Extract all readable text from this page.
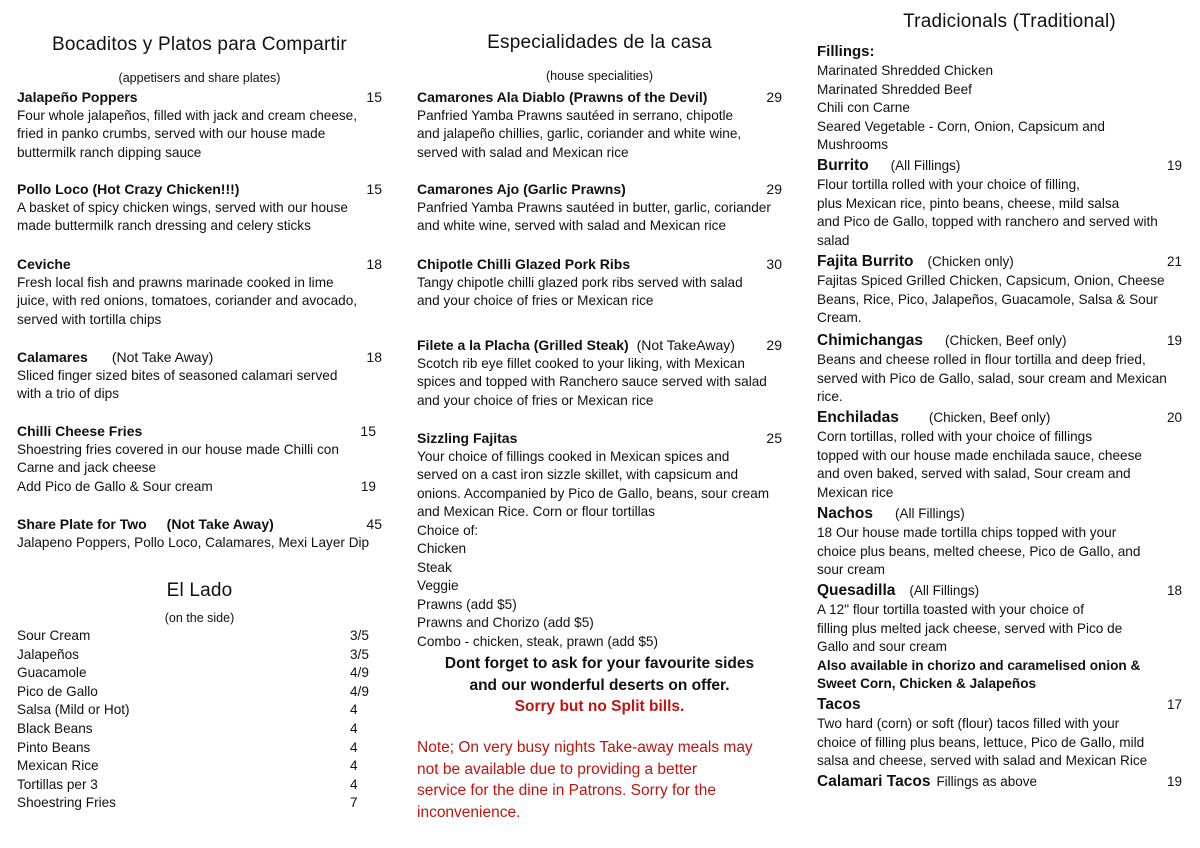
Bocaditos y Platos para Compartir
(appetisers and share plates)
Jalapeño Poppers	15
Four whole jalapeños, filled with jack and cream cheese,
fried in panko crumbs, served with our house made
buttermilk ranch dipping sauce
Pollo Loco (Hot Crazy Chicken!!!)	15
A basket of spicy chicken wings, served with our house
made buttermilk ranch dressing and celery sticks
Ceviche	18
Fresh local fish and prawns marinade cooked in lime
juice, with red onions, tomatoes, coriander and avocado,
served with tortilla chips
Calamares (Not Take Away)	18
Sliced finger sized bites of seasoned calamari served
with a trio of dips
Chilli Cheese Fries	15
Shoestring fries covered in our house made Chilli con
Carne and jack cheese
Add Pico de Gallo & Sour cream	19
Share Plate for Two (Not Take Away)	45
Jalapeno Poppers, Pollo Loco, Calamares, Mexi Layer Dip
El Lado
(on the side)
Sour Cream	3/5
Jalapeños	3/5
Guacamole	4/9
Pico de Gallo	4/9
Salsa (Mild or Hot)	4
Black Beans	4
Pinto Beans	4
Mexican Rice	4
Tortillas per 3	4
Shoestring Fries	7
Especialidades de la casa
(house specialities)
Camarones Ala Diablo (Prawns of the Devil)	29
Panfried Yamba Prawns sautéed in serrano, chipotle
and jalapeño chillies, garlic, coriander and white wine,
served with salad and Mexican rice
Camarones Ajo (Garlic Prawns)	29
Panfried Yamba Prawns sautéed in butter, garlic, coriander
and white wine, served with salad and Mexican rice
Chipotle Chilli Glazed Pork Ribs	30
Tangy chipotle chilli glazed pork ribs served with salad
and your choice of fries or Mexican rice
Filete a la Placha (Grilled Steak) (Not TakeAway)	29
Scotch rib eye fillet cooked to your liking, with Mexican
spices and topped with Ranchero sauce served with salad
and your choice of fries or Mexican rice
Sizzling Fajitas	25
Your choice of fillings cooked in Mexican spices and
served on a cast iron sizzle skillet, with capsicum and
onions. Accompanied by Pico de Gallo, beans, sour cream
and Mexican Rice. Corn or flour tortillas
Choice of:
Chicken
Steak
Veggie
Prawns (add $5)
Prawns and Chorizo (add $5)
Combo - chicken, steak, prawn (add $5)
Dont forget to ask for your favourite sides
and our wonderful deserts on offer.
Sorry but no Split bills.
Note; On very busy nights Take-away meals may
not be available due to providing a better
service for the dine in Patrons. Sorry for the
inconvenience.
Tradicionals (Traditional)
Fillings:
Marinated Shredded Chicken
Marinated Shredded Beef
Chili con Carne
Seared Vegetable - Corn, Onion, Capsicum and
Mushrooms
Burrito (All Fillings)	19
Flour tortilla rolled with your choice of filling,
plus Mexican rice, pinto beans, cheese, mild salsa
and Pico de Gallo, topped with ranchero and served with
salad
Fajita Burrito (Chicken only)	21
Fajitas Spiced Grilled Chicken, Capsicum, Onion, Cheese
Beans, Rice, Pico, Jalapeños, Guacamole, Salsa & Sour
Cream.
Chimichangas (Chicken, Beef only)	19
Beans and cheese rolled in flour tortilla and deep fried,
served with Pico de Gallo, salad, sour cream and Mexican
rice.
Enchiladas (Chicken, Beef only)	20
Corn tortillas, rolled with your choice of fillings
topped with our house made enchilada sauce, cheese
and oven baked, served with salad, Sour cream and
Mexican rice
Nachos (All Fillings)
18 Our house made tortilla chips topped with your
choice plus beans, melted cheese, Pico de Gallo, and
sour cream
Quesadilla (All Fillings)	18
A 12" flour tortilla toasted with your choice of
filling plus melted jack cheese, served with Pico de
Gallo and sour cream
Also available in chorizo and caramelised onion &
Sweet Corn, Chicken & Jalapeños
Tacos	17
Two hard (corn) or soft (flour) tacos filled with your
choice of filling plus beans, lettuce, Pico de Gallo, mild
salsa and cheese, served with salad and Mexican Rice
Calamari Tacos Fillings as above	19
